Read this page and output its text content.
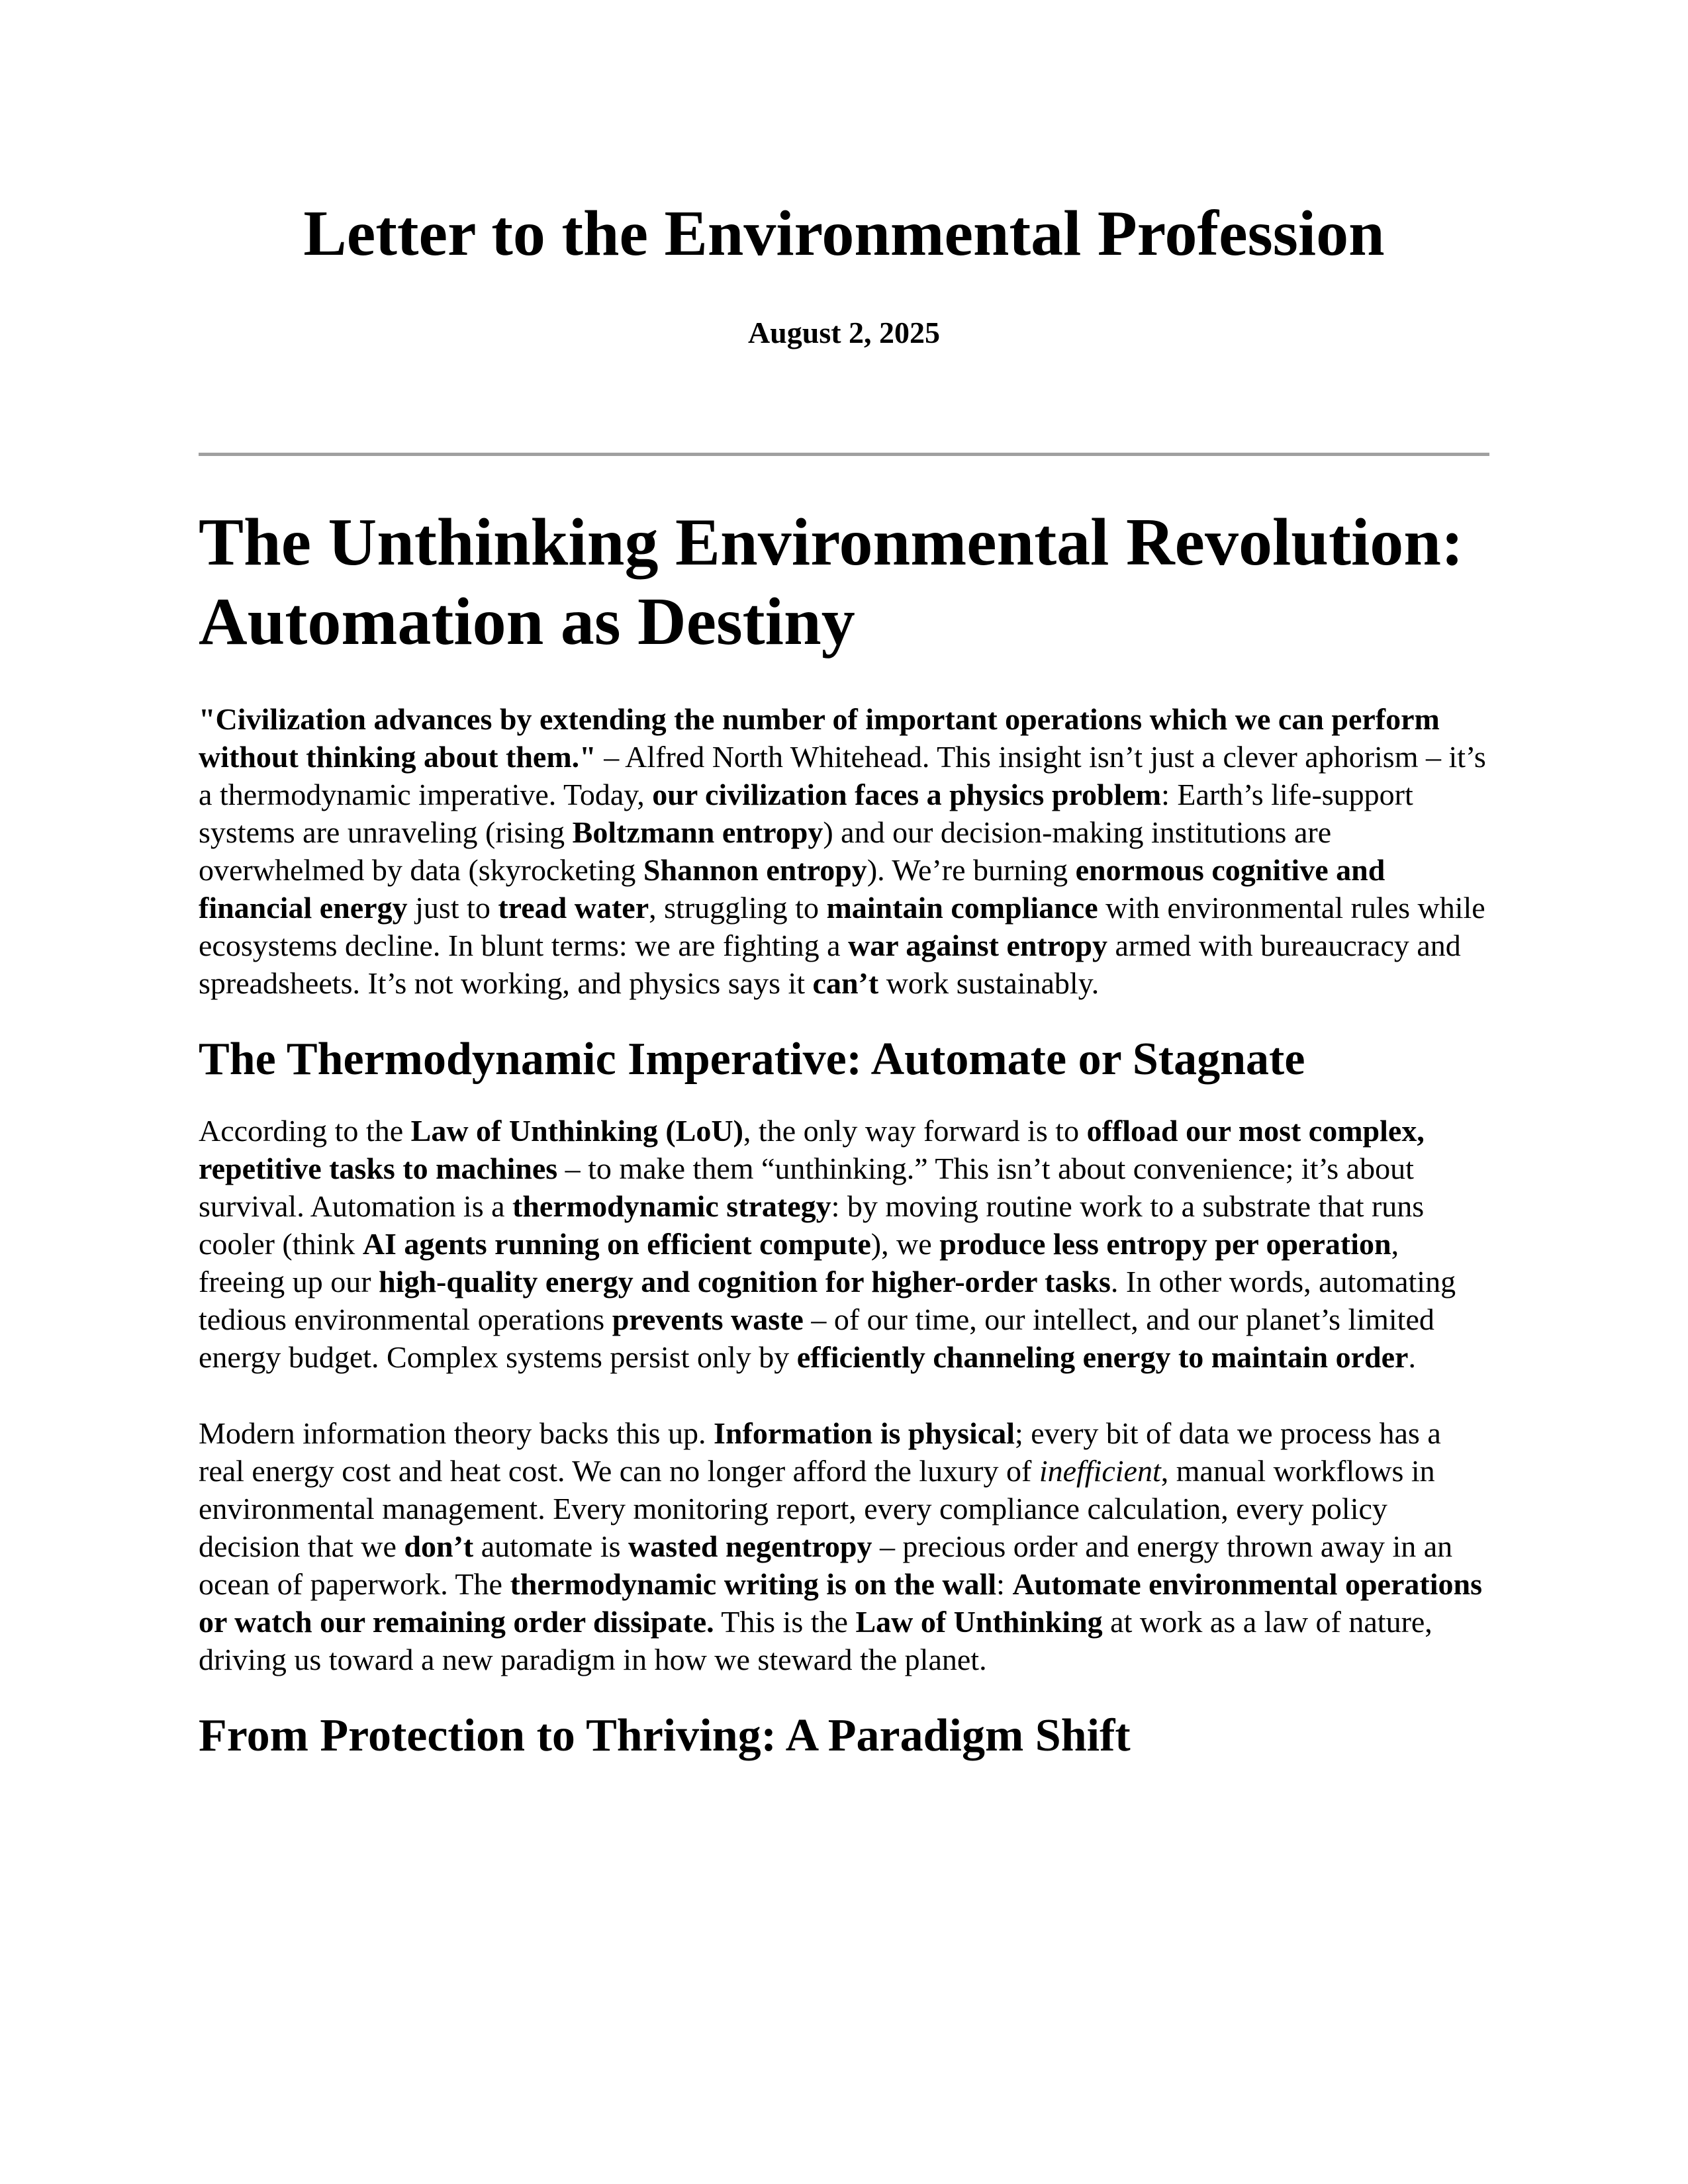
Letter to the Environmental Profession
August 2, 2025
The Unthinking Environmental Revolution:
Automation as Destiny

"Civilization advances by extending the number of important operations which we can perform without thinking about them." – Alfred North Whitehead. This insight isn’t just a clever aphorism – it’s a thermodynamic imperative. Today, our civilization faces a physics problem: Earth’s life-support systems are unraveling (rising Boltzmann entropy) and our decision-making institutions are overwhelmed by data (skyrocketing Shannon entropy). We’re burning enormous cognitive and financial energy just to tread water, struggling to maintain compliance with environmental rules while ecosystems decline. In blunt terms: we are fighting a war against entropy armed with bureaucracy and spreadsheets. It’s not working, and physics says it can’t work sustainably.

The Thermodynamic Imperative: Automate or Stagnate

According to the Law of Unthinking (LoU), the only way forward is to offload our most complex, repetitive tasks to machines – to make them “unthinking.” This isn’t about convenience; it’s about survival. Automation is a thermodynamic strategy: by moving routine work to a substrate that runs cooler (think AI agents running on efficient compute), we produce less entropy per operation, freeing up our high-quality energy and cognition for higher-order tasks. In other words, automating tedious environmental operations prevents waste – of our time, our intellect, and our planet’s limited energy budget. Complex systems persist only by efficiently channeling energy to maintain order.

Modern information theory backs this up. Information is physical; every bit of data we process has a real energy cost and heat cost. We can no longer afford the luxury of inefficient, manual workflows in environmental management. Every monitoring report, every compliance calculation, every policy decision that we don’t automate is wasted negentropy – precious order and energy thrown away in an ocean of paperwork. The thermodynamic writing is on the wall: Automate environmental operations or watch our remaining order dissipate. This is the Law of Unthinking at work as a law of nature, driving us toward a new paradigm in how we steward the planet.

From Protection to Thriving: A Paradigm Shift
